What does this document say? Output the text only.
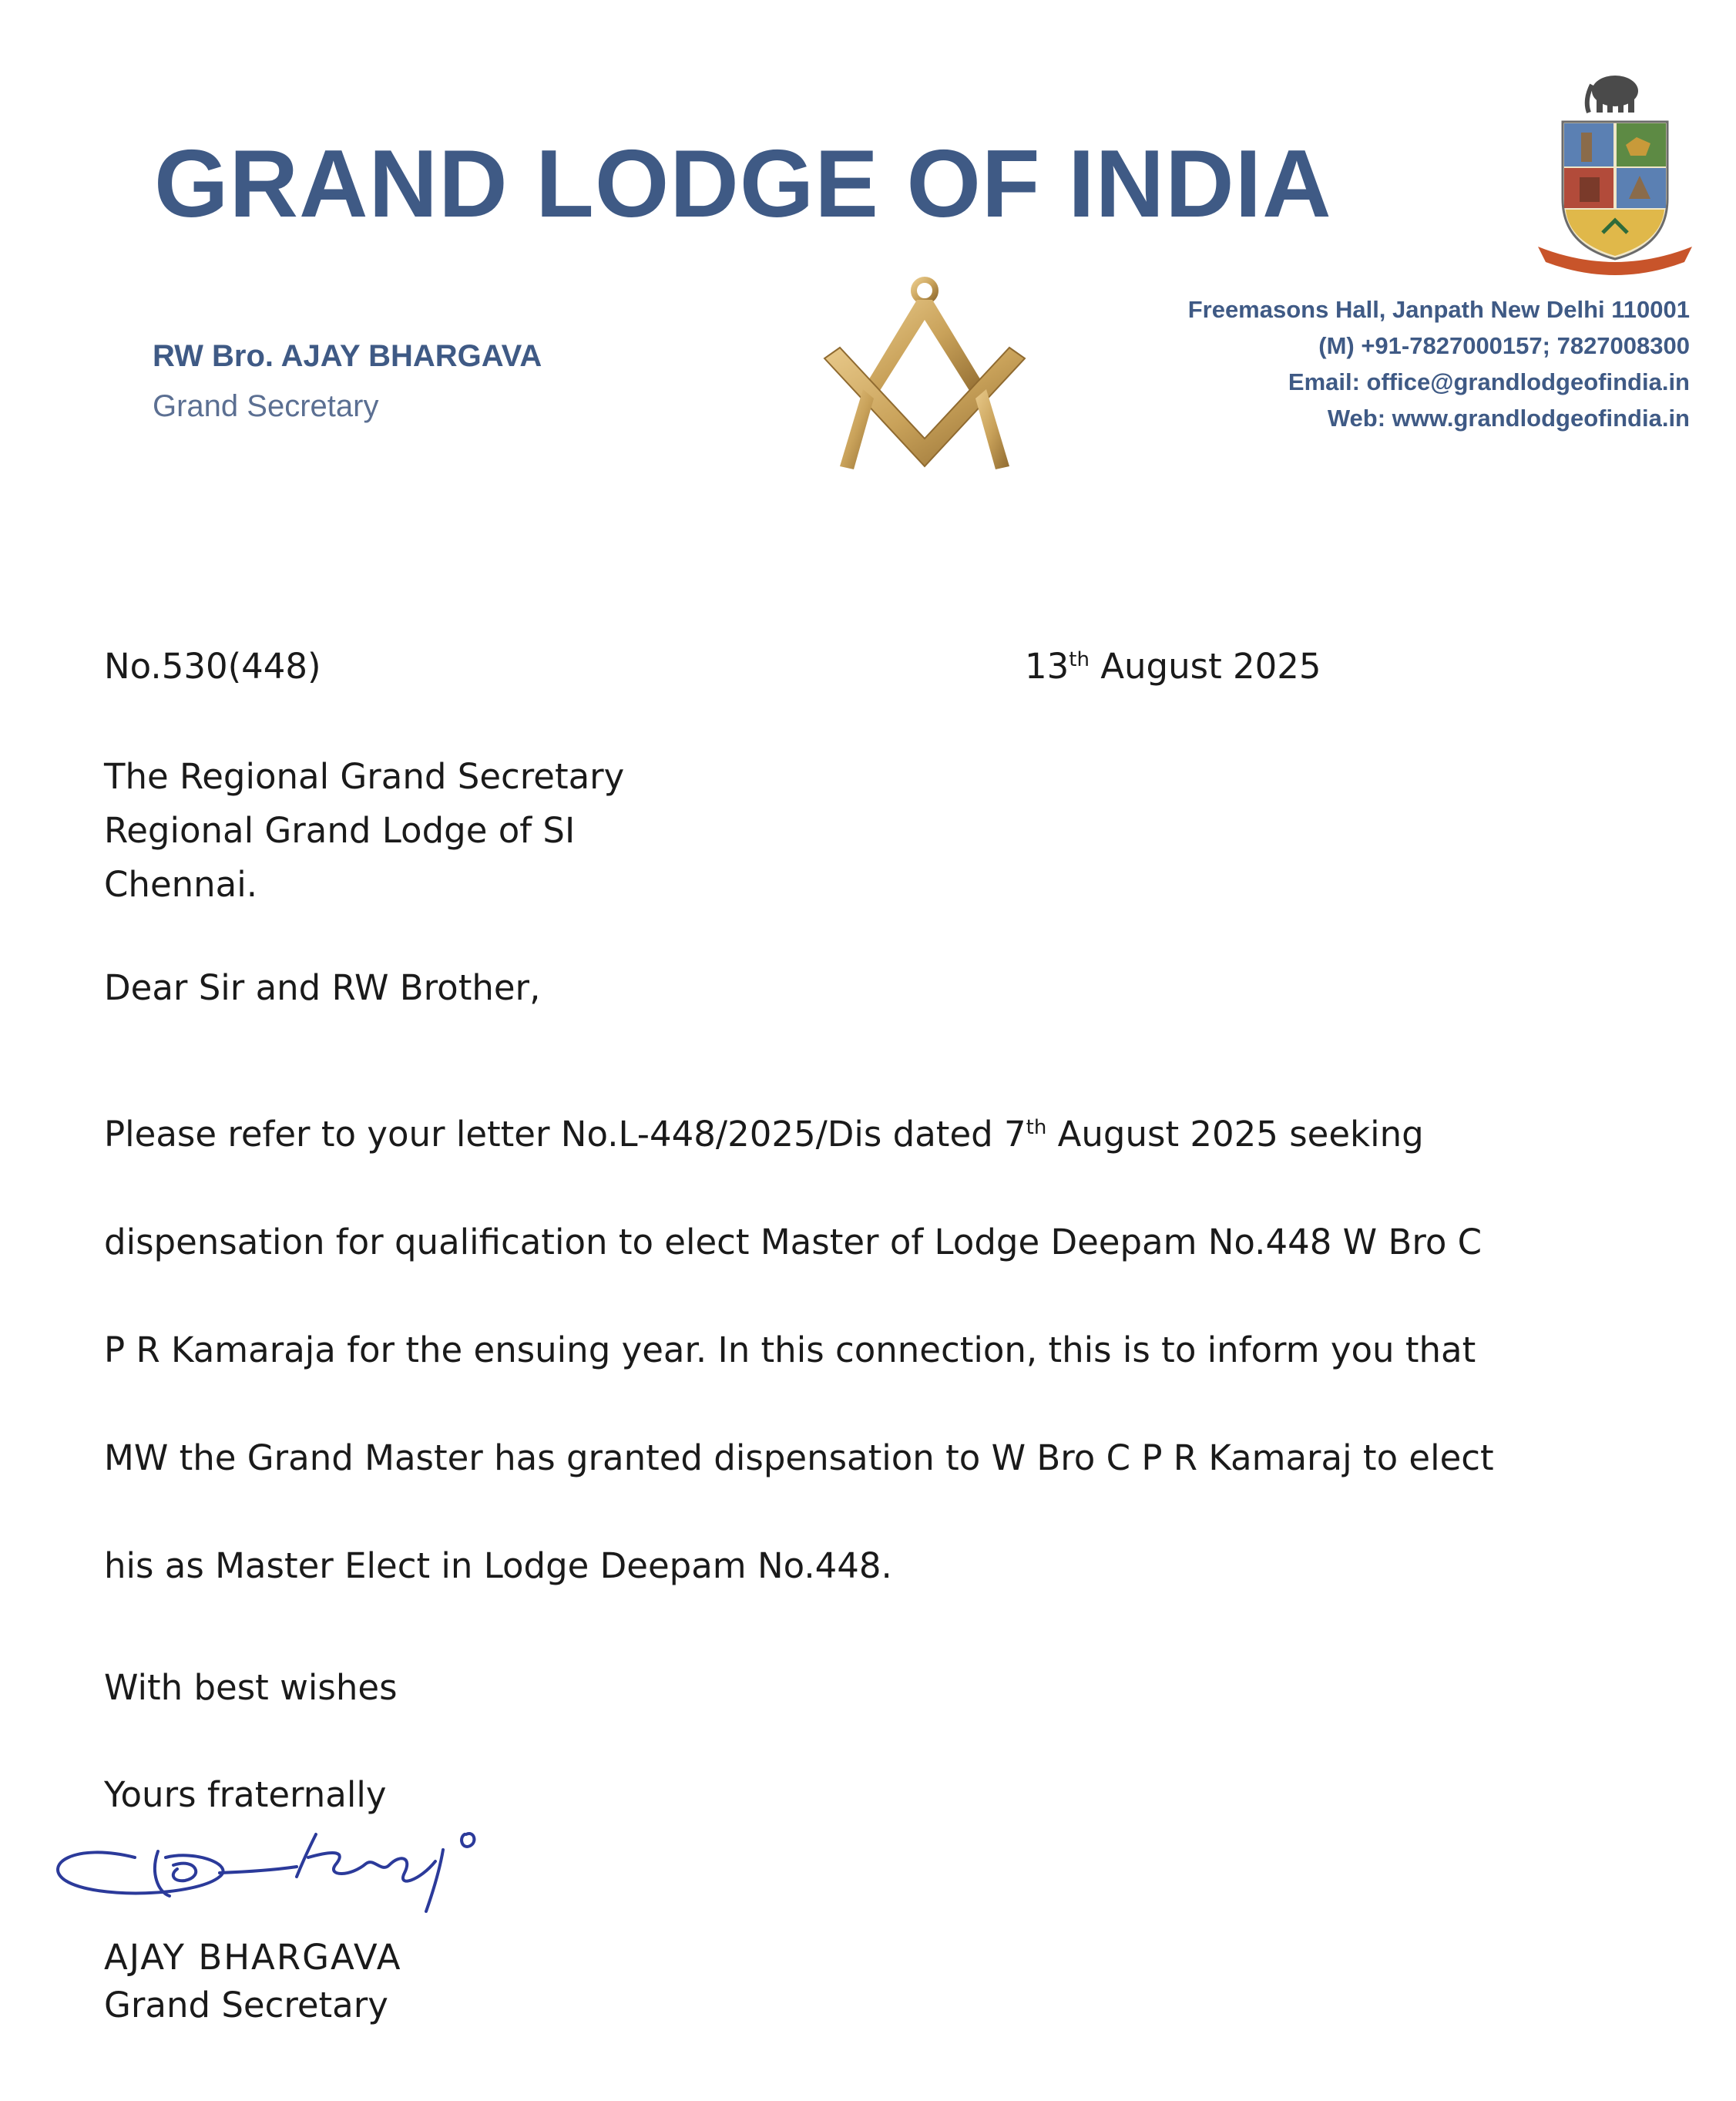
GRAND LODGE OF INDIA
RW Bro. AJAY BHARGAVA
Grand Secretary
Freemasons Hall, Janpath New Delhi 110001
(M) +91-7827000157; 7827008300
Email: office@grandlodgeofindia.in
Web: www.grandlodgeofindia.in
No.530(448)	13th August 2025
The Regional Grand Secretary
Regional Grand Lodge of SI
Chennai.
Dear Sir and RW Brother,
Please refer to your letter No.L-448/2025/Dis dated 7th August 2025 seeking
dispensation for qualification to elect Master of Lodge Deepam No.448 W Bro C
P R Kamaraja for the ensuing year. In this connection, this is to inform you that
MW the Grand Master has granted dispensation to W Bro C P R Kamaraj to elect
his as Master Elect in Lodge Deepam No.448.
With best wishes
Yours fraternally
AJAY BHARGAVA
Grand Secretary
